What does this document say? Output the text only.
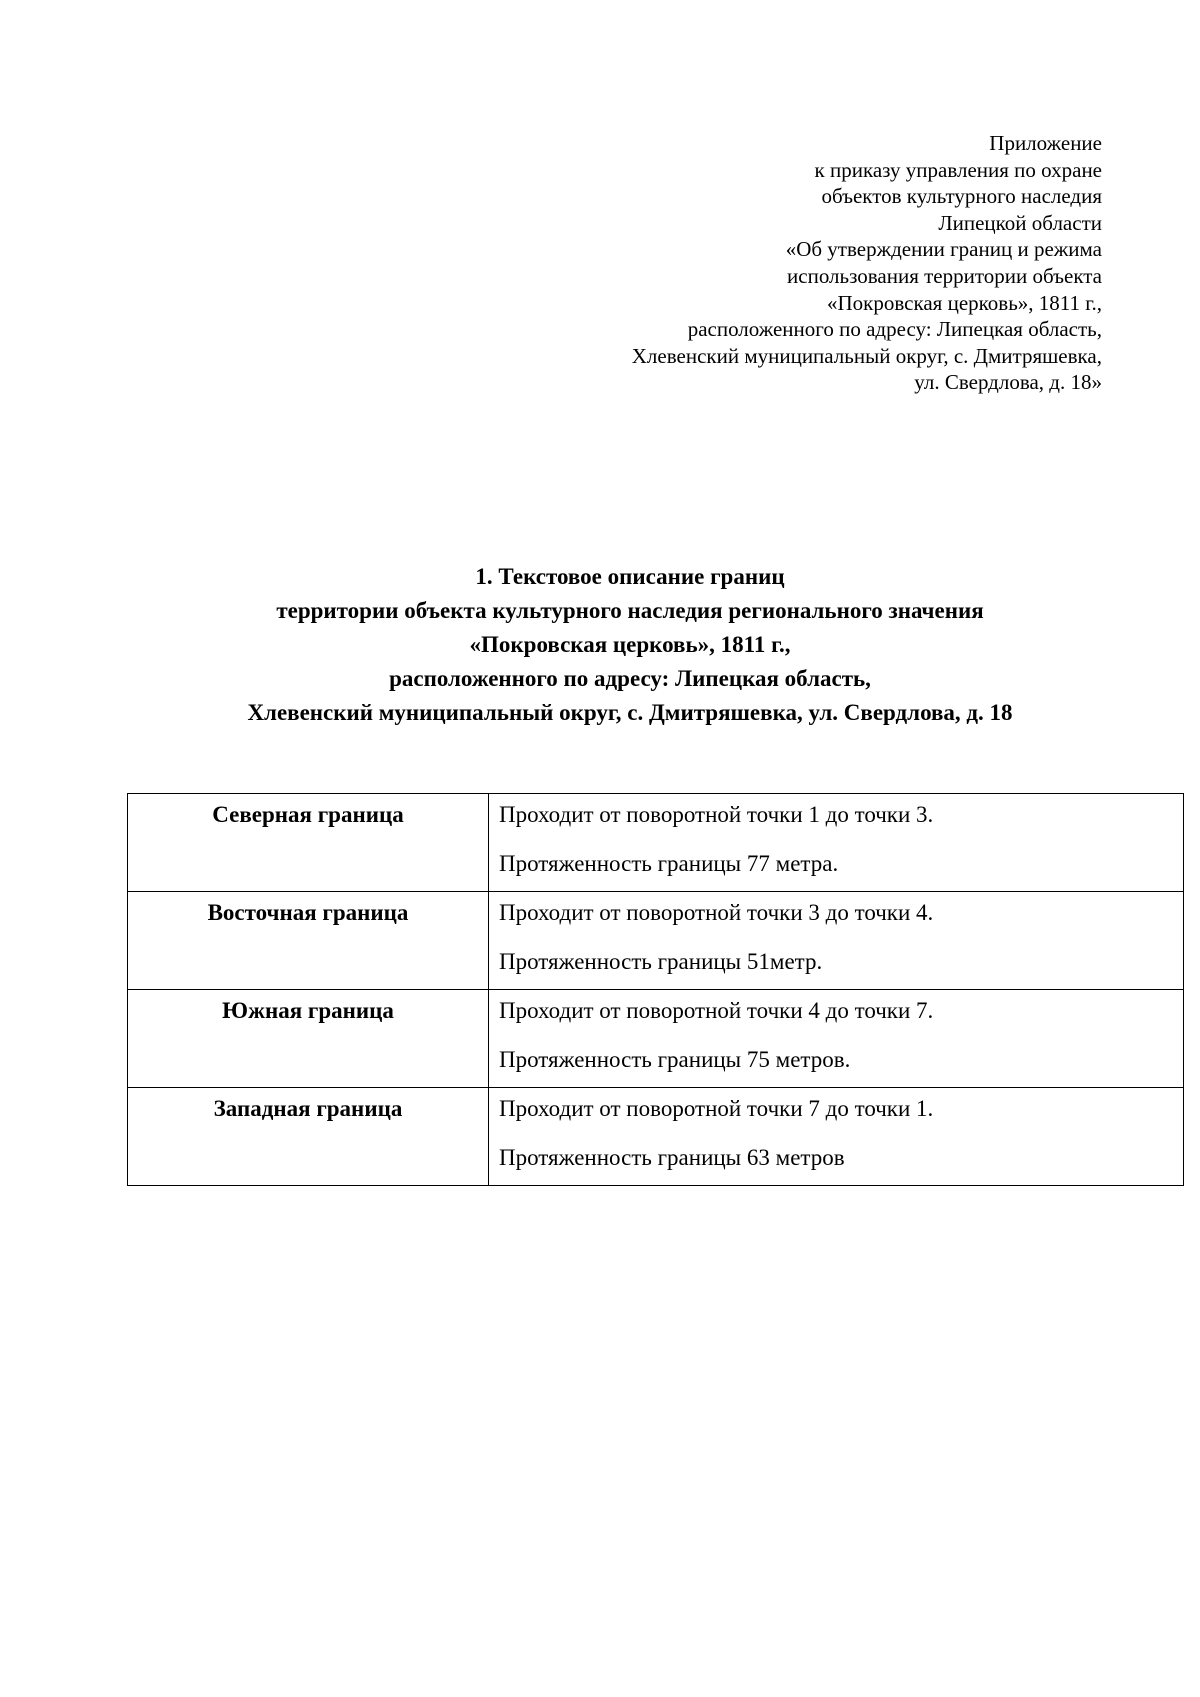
Приложение
к приказу управления по охране
объектов культурного наследия
Липецкой области
«Об утверждении границ и режима
использования территории объекта
«Покровская церковь», 1811 г.,
расположенного по адресу: Липецкая область,
Хлевенский муниципальный округ, с. Дмитряшевка,
ул. Свердлова, д. 18»
1. Текстовое описание границ
территории объекта культурного наследия регионального значения
«Покровская церковь», 1811 г.,
расположенного по адресу: Липецкая область,
Хлевенский муниципальный округ, с. Дмитряшевка, ул. Свердлова, д. 18
Северная граница	Проходит от поворотной точки 1 до точки 3.
Протяженность границы 77 метра.

Восточная граница	Проходит от поворотной точки 3 до точки 4.
Протяженность границы 51метр.

Южная граница	Проходит от поворотной точки 4 до точки 7.
Протяженность границы 75 метров.

Западная граница	Проходит от поворотной точки 7 до точки 1.
Протяженность границы 63 метров
